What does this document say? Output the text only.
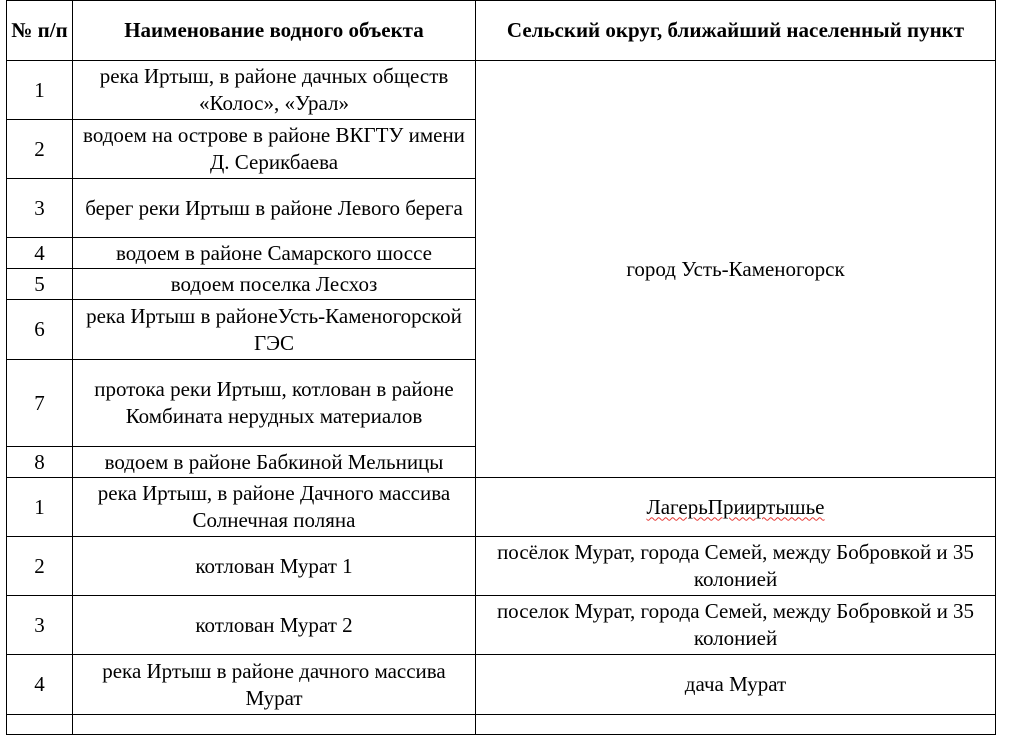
№ п/п	Наименование водного объекта	Сельский округ, ближайший населенный пункт
1	река Иртыш, в районе дачных обществ «Колос», «Урал»	город Усть-Каменогорск
2	водоем на острове в районе ВКГТУ имени Д. Серикбаева	
3	берег реки Иртыш в районе Левого берега	
4	водоем в районе Самарского шоссе	
5	водоем поселка Лесхоз	
6	река Иртыш в районеУсть-Каменогорской ГЭС	
7	протока реки Иртыш, котлован в районе Комбината нерудных материалов	
8	водоем в районе Бабкиной Мельницы	
1	река Иртыш, в районе Дачного массива Солнечная поляна	ЛагерьПрииртышье
2	котлован Мурат 1	посёлок Мурат, города Семей, между Бобровкой и 35 колонией
3	котлован Мурат 2	поселок Мурат, города Семей, между Бобровкой и 35 колонией
4	река Иртыш в районе дачного массива Мурат	дача Мурат
